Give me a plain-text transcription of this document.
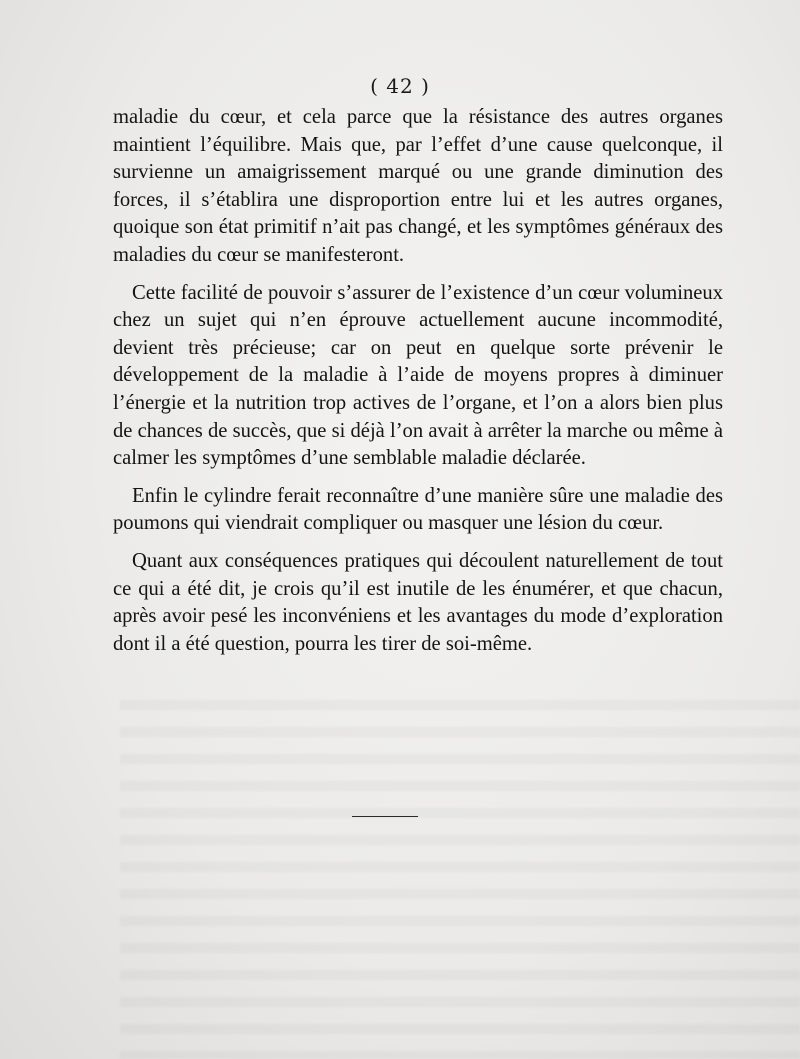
( 42 )

maladie du cœur, et cela parce que la résistance des autres organes maintient l’équilibre. Mais que, par l’effet d’une cause quelconque, il survienne un amaigrissement marqué ou une grande diminution des forces, il s’établira une disproportion entre lui et les autres organes, quoique son état primitif n’ait pas changé, et les symptômes généraux des maladies du cœur se manifesteront.

Cette facilité de pouvoir s’assurer de l’existence d’un cœur volumineux chez un sujet qui n’en éprouve actuellement aucune incommodité, devient très précieuse; car on peut en quelque sorte prévenir le développement de la maladie à l’aide de moyens propres à diminuer l’énergie et la nutrition trop actives de l’organe, et l’on a alors bien plus de chances de succès, que si déjà l’on avait à arrêter la marche ou même à calmer les symptômes d’une semblable maladie déclarée.

Enfin le cylindre ferait reconnaître d’une manière sûre une maladie des poumons qui viendrait compliquer ou masquer une lésion du cœur.

Quant aux conséquences pratiques qui découlent naturellement de tout ce qui a été dit, je crois qu’il est inutile de les énumérer, et que chacun, après avoir pesé les inconvéniens et les avantages du mode d’exploration dont il a été question, pourra les tirer de soi-même.
